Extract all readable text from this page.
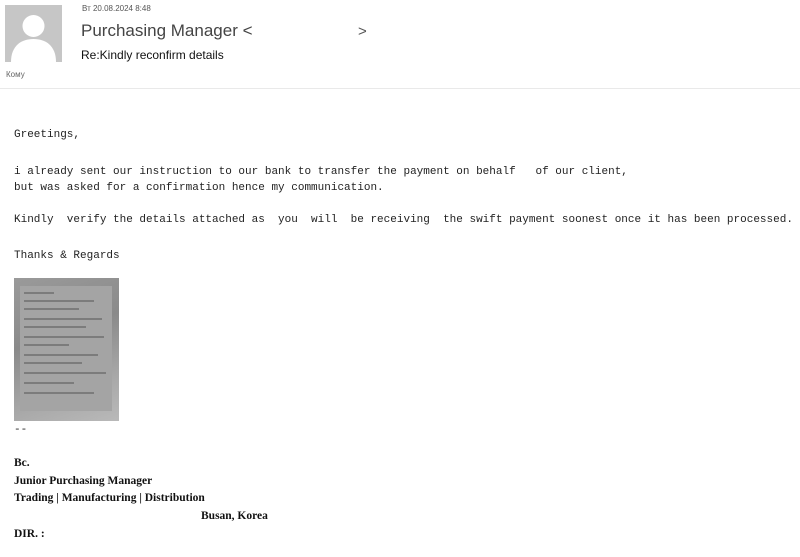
Кому
Вт 20.08.2024 8:48
Purchasing Manager <	>
Re:Kindly reconfirm details
Greetings,
i already sent our instruction to our bank to transfer the payment on behalf   of our client,
but was asked for a confirmation hence my communication.
Kindly  verify the details attached as  you  will  be receiving  the swift payment soonest once it has been processed.
Thanks & Regards
--
Bc.
Junior Purchasing Manager
Trading | Manufacturing | Distribution
Busan, Korea
DIR. :
